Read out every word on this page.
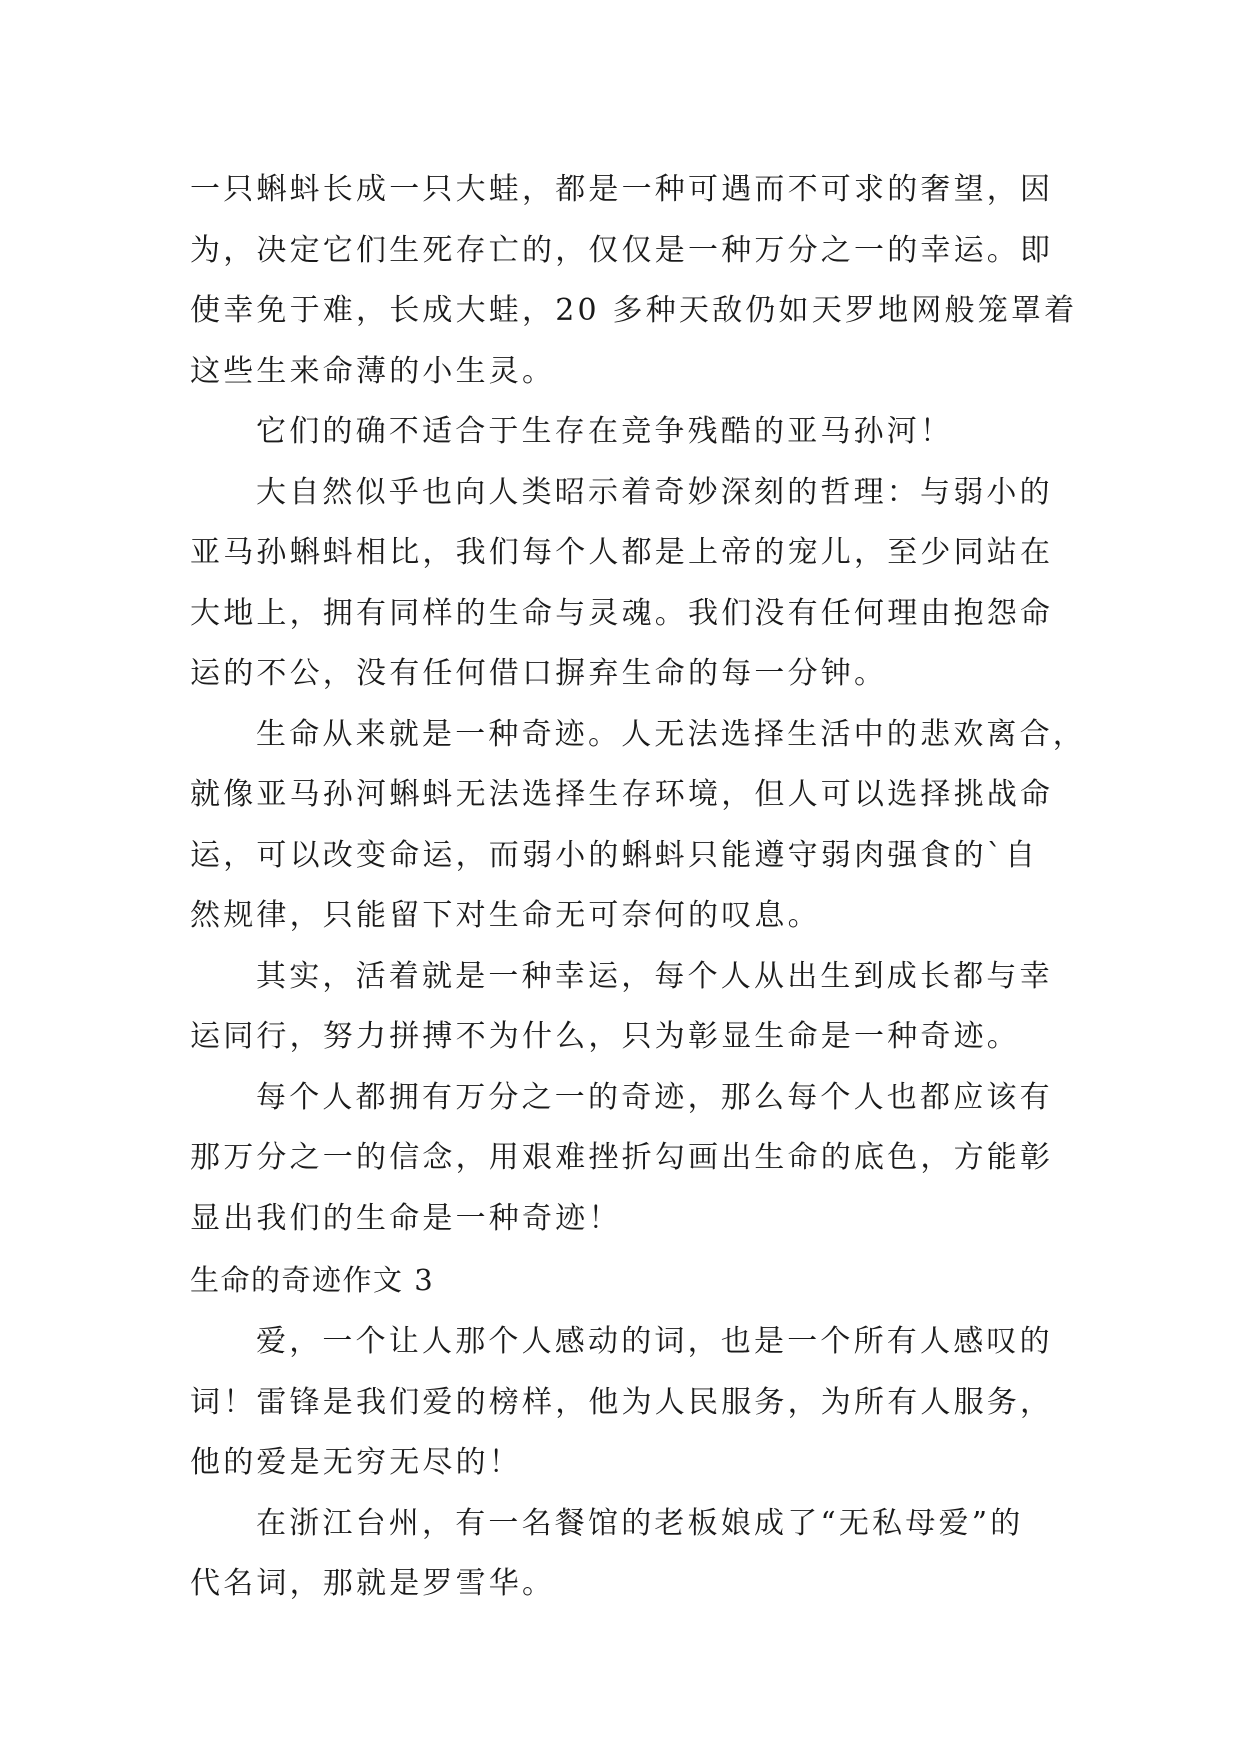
一只蝌蚪长成一只大蛙，都是一种可遇而不可求的奢望，因
为，决定它们生死存亡的，仅仅是一种万分之一的幸运。即
使幸免于难，长成大蛙，20 多种天敌仍如天罗地网般笼罩着
这些生来命薄的小生灵。
它们的确不适合于生存在竞争残酷的亚马孙河！
大自然似乎也向人类昭示着奇妙深刻的哲理：与弱小的
亚马孙蝌蚪相比，我们每个人都是上帝的宠儿，至少同站在
大地上，拥有同样的生命与灵魂。我们没有任何理由抱怨命
运的不公，没有任何借口摒弃生命的每一分钟。
生命从来就是一种奇迹。人无法选择生活中的悲欢离合，
就像亚马孙河蝌蚪无法选择生存环境，但人可以选择挑战命
运，可以改变命运，而弱小的蝌蚪只能遵守弱肉强食的`自
然规律，只能留下对生命无可奈何的叹息。
其实，活着就是一种幸运，每个人从出生到成长都与幸
运同行，努力拼搏不为什么，只为彰显生命是一种奇迹。
每个人都拥有万分之一的奇迹，那么每个人也都应该有
那万分之一的信念，用艰难挫折勾画出生命的底色，方能彰
显出我们的生命是一种奇迹！
生命的奇迹作文 3
爱，一个让人那个人感动的词，也是一个所有人感叹的
词！雷锋是我们爱的榜样，他为人民服务，为所有人服务，
他的爱是无穷无尽的！
在浙江台州，有一名餐馆的老板娘成了“无私母爱”的
代名词，那就是罗雪华。
